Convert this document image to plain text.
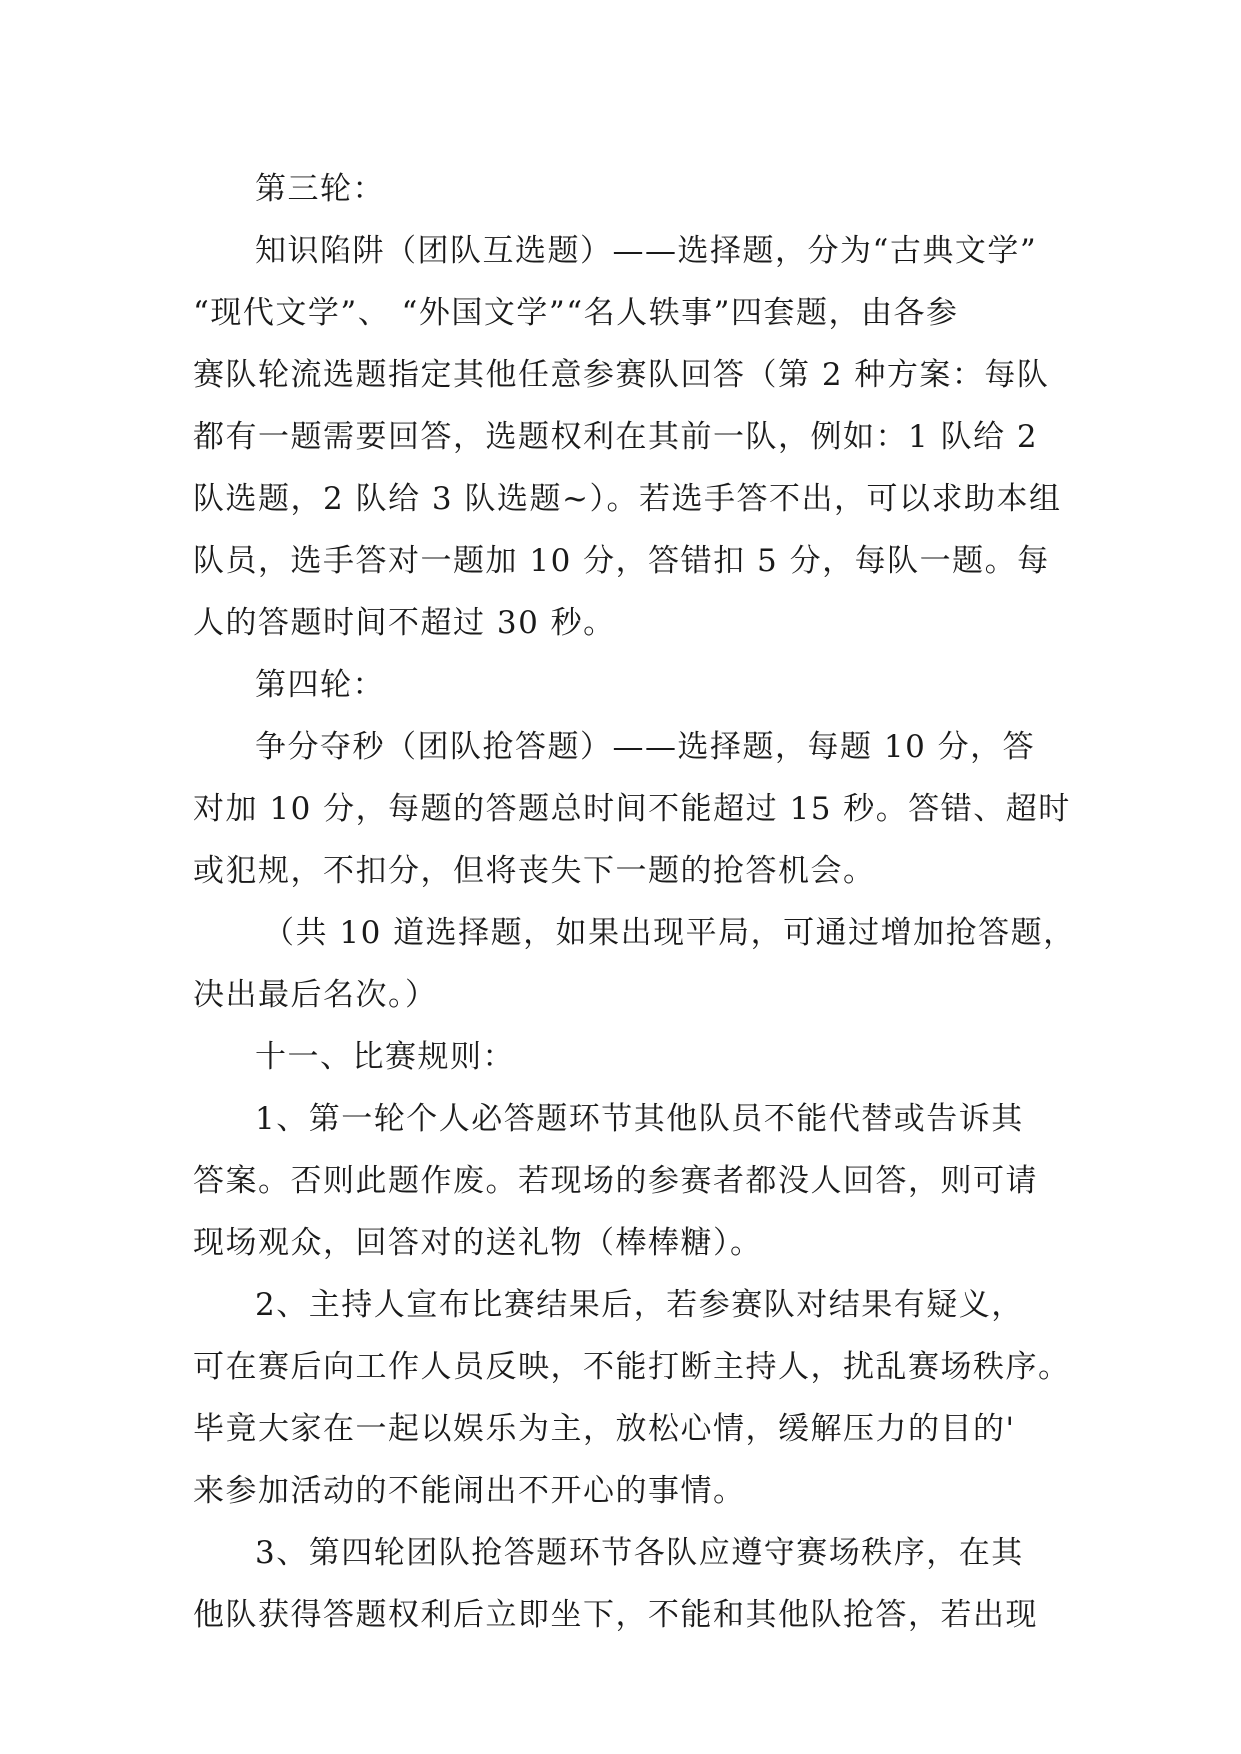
第三轮：
知识陷阱（团队互选题）——选择题，分为“古典文学”
“现代文学”、 “外国文学”“名人轶事”四套题，由各参
赛队轮流选题指定其他任意参赛队回答（第 2 种方案：每队
都有一题需要回答，选题权利在其前一队，例如：1 队给 2
队选题，2 队给 3 队选题~）。若选手答不出，可以求助本组
队员，选手答对一题加 10 分，答错扣 5 分，每队一题。每
人的答题时间不超过 30 秒。
第四轮：
争分夺秒（团队抢答题）——选择题，每题 10 分，答
对加 10 分，每题的答题总时间不能超过 15 秒。答错、超时
或犯规，不扣分，但将丧失下一题的抢答机会。
（共 10 道选择题，如果出现平局，可通过增加抢答题，
决出最后名次。）
十一、比赛规则：
1、第一轮个人必答题环节其他队员不能代替或告诉其
答案。否则此题作废。若现场的参赛者都没人回答，则可请
现场观众，回答对的送礼物（棒棒糖）。
2、主持人宣布比赛结果后，若参赛队对结果有疑义，
可在赛后向工作人员反映，不能打断主持人，扰乱赛场秩序。
毕竟大家在一起以娱乐为主，放松心情，缓解压力的目的'
来参加活动的不能闹出不开心的事情。
3、第四轮团队抢答题环节各队应遵守赛场秩序，在其
他队获得答题权利后立即坐下，不能和其他队抢答，若出现
